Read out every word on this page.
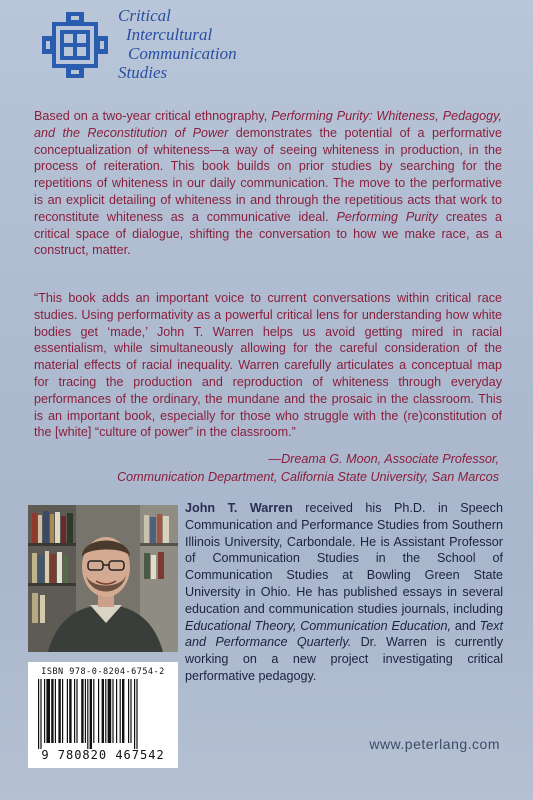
Critical
Intercultural
Communication
Studies
Based on a two-year critical ethnography, Performing Purity: Whiteness, Pedagogy, and the Reconstitution of Power demonstrates the potential of a performative conceptualization of whiteness—a way of seeing whiteness in production, in the process of reiteration. This book builds on prior studies by searching for the repetitions of whiteness in our daily communication. The move to the performative is an explicit detailing of whiteness in and through the repetitious acts that work to reconstitute whiteness as a communicative ideal. Performing Purity creates a critical space of dialogue, shifting the conversation to how we make race, as a construct, matter.
“This book adds an important voice to current conversations within critical race studies. Using performativity as a powerful critical lens for understanding how white bodies get ‘made,’ John T. Warren helps us avoid getting mired in racial essentialism, while simultaneously allowing for the careful consideration of the material effects of racial inequality. Warren carefully articulates a conceptual map for tracing the production and reproduction of whiteness through everyday performances of the ordinary, the mundane and the prosaic in the classroom. This is an important book, especially for those who struggle with the (re)constitution of the [white] “culture of power” in the classroom.”
—Dreama G. Moon, Associate Professor,
Communication Department, California State University, San Marcos
John T. Warren received his Ph.D. in Speech Communication and Performance Studies from Southern Illinois University, Carbondale. He is Assistant Professor of Communication Studies in the School of Communication Studies at Bowling Green State University in Ohio. He has published essays in several education and communication studies journals, including Educational Theory, Communication Education, and Text and Performance Quarterly. Dr. Warren is currently working on a new project investigating critical performative pedagogy.
ISBN 978-0-8204-6754-2
9 780820 467542
www.peterlang.com
